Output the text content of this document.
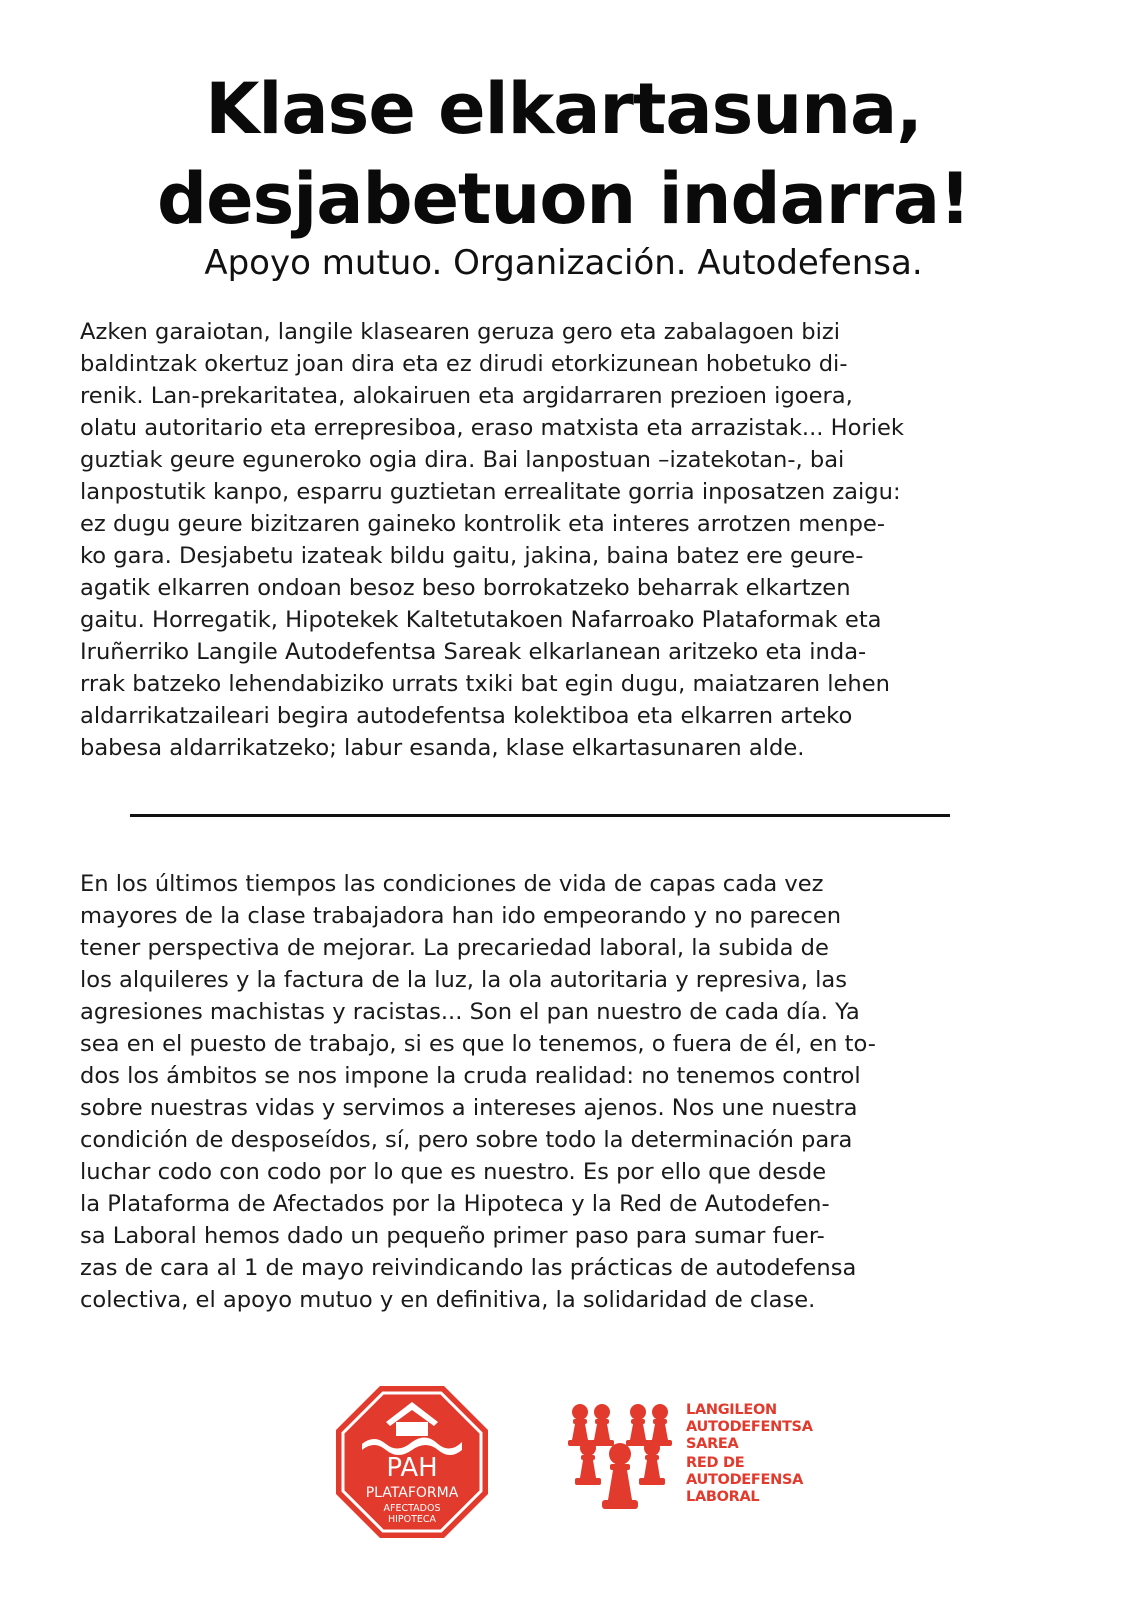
Klase elkartasuna,
desjabetuon indarra!
Apoyo mutuo. Organización. Autodefensa.
Azken garaiotan, langile klasearen geruza gero eta zabalagoen bizi
baldintzak okertuz joan dira eta ez dirudi etorkizunean hobetuko di-
renik. Lan-prekaritatea, alokairuen eta argidarraren prezioen igoera,
olatu autoritario eta errepresiboa, eraso matxista eta arrazistak... Horiek
guztiak geure eguneroko ogia dira. Bai lanpostuan –izatekotan-, bai
lanpostutik kanpo, esparru guztietan errealitate gorria inposatzen zaigu:
ez dugu geure bizitzaren gaineko kontrolik eta interes arrotzen menpe-
ko gara. Desjabetu izateak bildu gaitu, jakina, baina batez ere geure-
agatik elkarren ondoan besoz beso borrokatzeko beharrak elkartzen
gaitu. Horregatik, Hipotekek Kaltetutakoen Nafarroako Plataformak eta
Iruñerriko Langile Autodefentsa Sareak elkarlanean aritzeko eta inda-
rrak batzeko lehendabiziko urrats txiki bat egin dugu, maiatzaren lehen
aldarrikatzaileari begira autodefentsa kolektiboa eta elkarren arteko
babesa aldarrikatzeko; labur esanda, klase elkartasunaren alde.
En los últimos tiempos las condiciones de vida de capas cada vez
mayores de la clase trabajadora han ido empeorando y no parecen
tener perspectiva de mejorar. La precariedad laboral, la subida de
los alquileres y la factura de la luz, la ola autoritaria y represiva, las
agresiones machistas y racistas... Son el pan nuestro de cada día. Ya
sea en el puesto de trabajo, si es que lo tenemos, o fuera de él, en to-
dos los ámbitos se nos impone la cruda realidad: no tenemos control
sobre nuestras vidas y servimos a intereses ajenos. Nos une nuestra
condición de desposeídos, sí, pero sobre todo la determinación para
luchar codo con codo por lo que es nuestro. Es por ello que desde
la Plataforma de Afectados por la Hipoteca y la Red de Autodefen-
sa Laboral hemos dado un pequeño primer paso para sumar fuer-
zas de cara al 1 de mayo reivindicando las prácticas de autodefensa
colectiva, el apoyo mutuo y en definitiva, la solidaridad de clase.
PAH
PLATAFORMA
AFECTADOS
HIPOTECA
LANGILEON
AUTODEFENTSA
SAREA
RED DE
AUTODEFENSA
LABORAL
